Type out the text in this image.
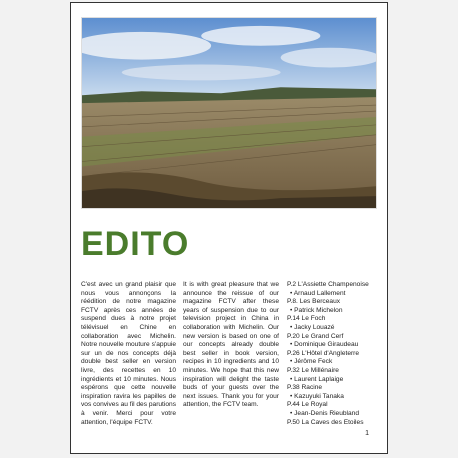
EDITO
C'est avec un grand plaisir que nous vous annonçons la réédition de notre magazine FCTV après ces années de suspend dues à notre projet télévisuel en Chine en collaboration avec Michelin. Notre nouvelle mouture s'appuie sur un de nos concepts déjà double best seller en version livre, des recettes en 10 ingrédients et 10 minutes. Nous espérons que cette nouvelle inspiration ravira les papilles de vos convives au fil des parutions à venir. Merci pour votre attention, l'équipe FCTV.
It is with great pleasure that we announce the reissue of our magazine FCTV after these years of suspension due to our television project in China in collaboration with Michelin. Our new version is based on one of our concepts already double best seller in book version, recipes in 10 ingredients and 10 minutes. We hope that this new inspiration will delight the taste buds of your guests over the next issues. Thank you for your attention, the FCTV team.
P.2 L'Assiette Champenoise
• Arnaud Lallement
P.8. Les Berceaux
• Patrick Michelon
P.14 Le Foch
• Jacky Louazé
P.20 Le Grand Cerf
• Dominique Giraudeau
P.26 L'Hôtel d'Angleterre
• Jérôme Feck
P.32 Le Millénaire
• Laurent Laplaige
P.38 Racine
• Kazuyuki Tanaka
P.44 Le Royal
• Jean-Denis Rieubland
P.50 La Caves des Etoiles
1
